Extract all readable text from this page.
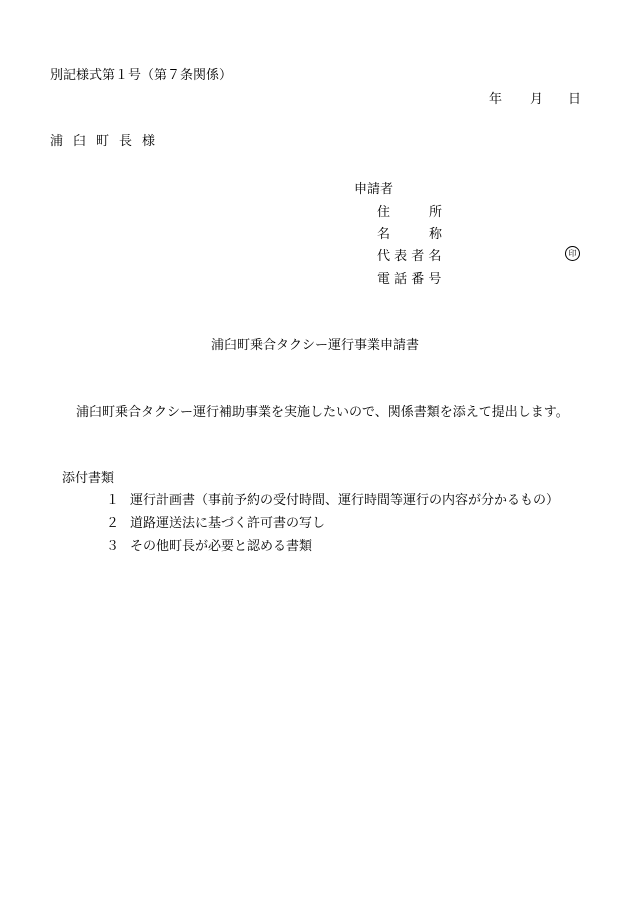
別記様式第１号（第７条関係）
年 月 日
浦臼町長様
申請者
住　　　所
名　　　称
代 表 者 名	印
電 話 番 号
浦臼町乗合タクシー運行事業申請書
浦臼町乗合タクシー運行補助事業を実施したいので、関係書類を添えて提出します。
添付書類
１ 運行計画書（事前予約の受付時間、運行時間等運行の内容が分かるもの）
２ 道路運送法に基づく許可書の写し
３ その他町長が必要と認める書類
